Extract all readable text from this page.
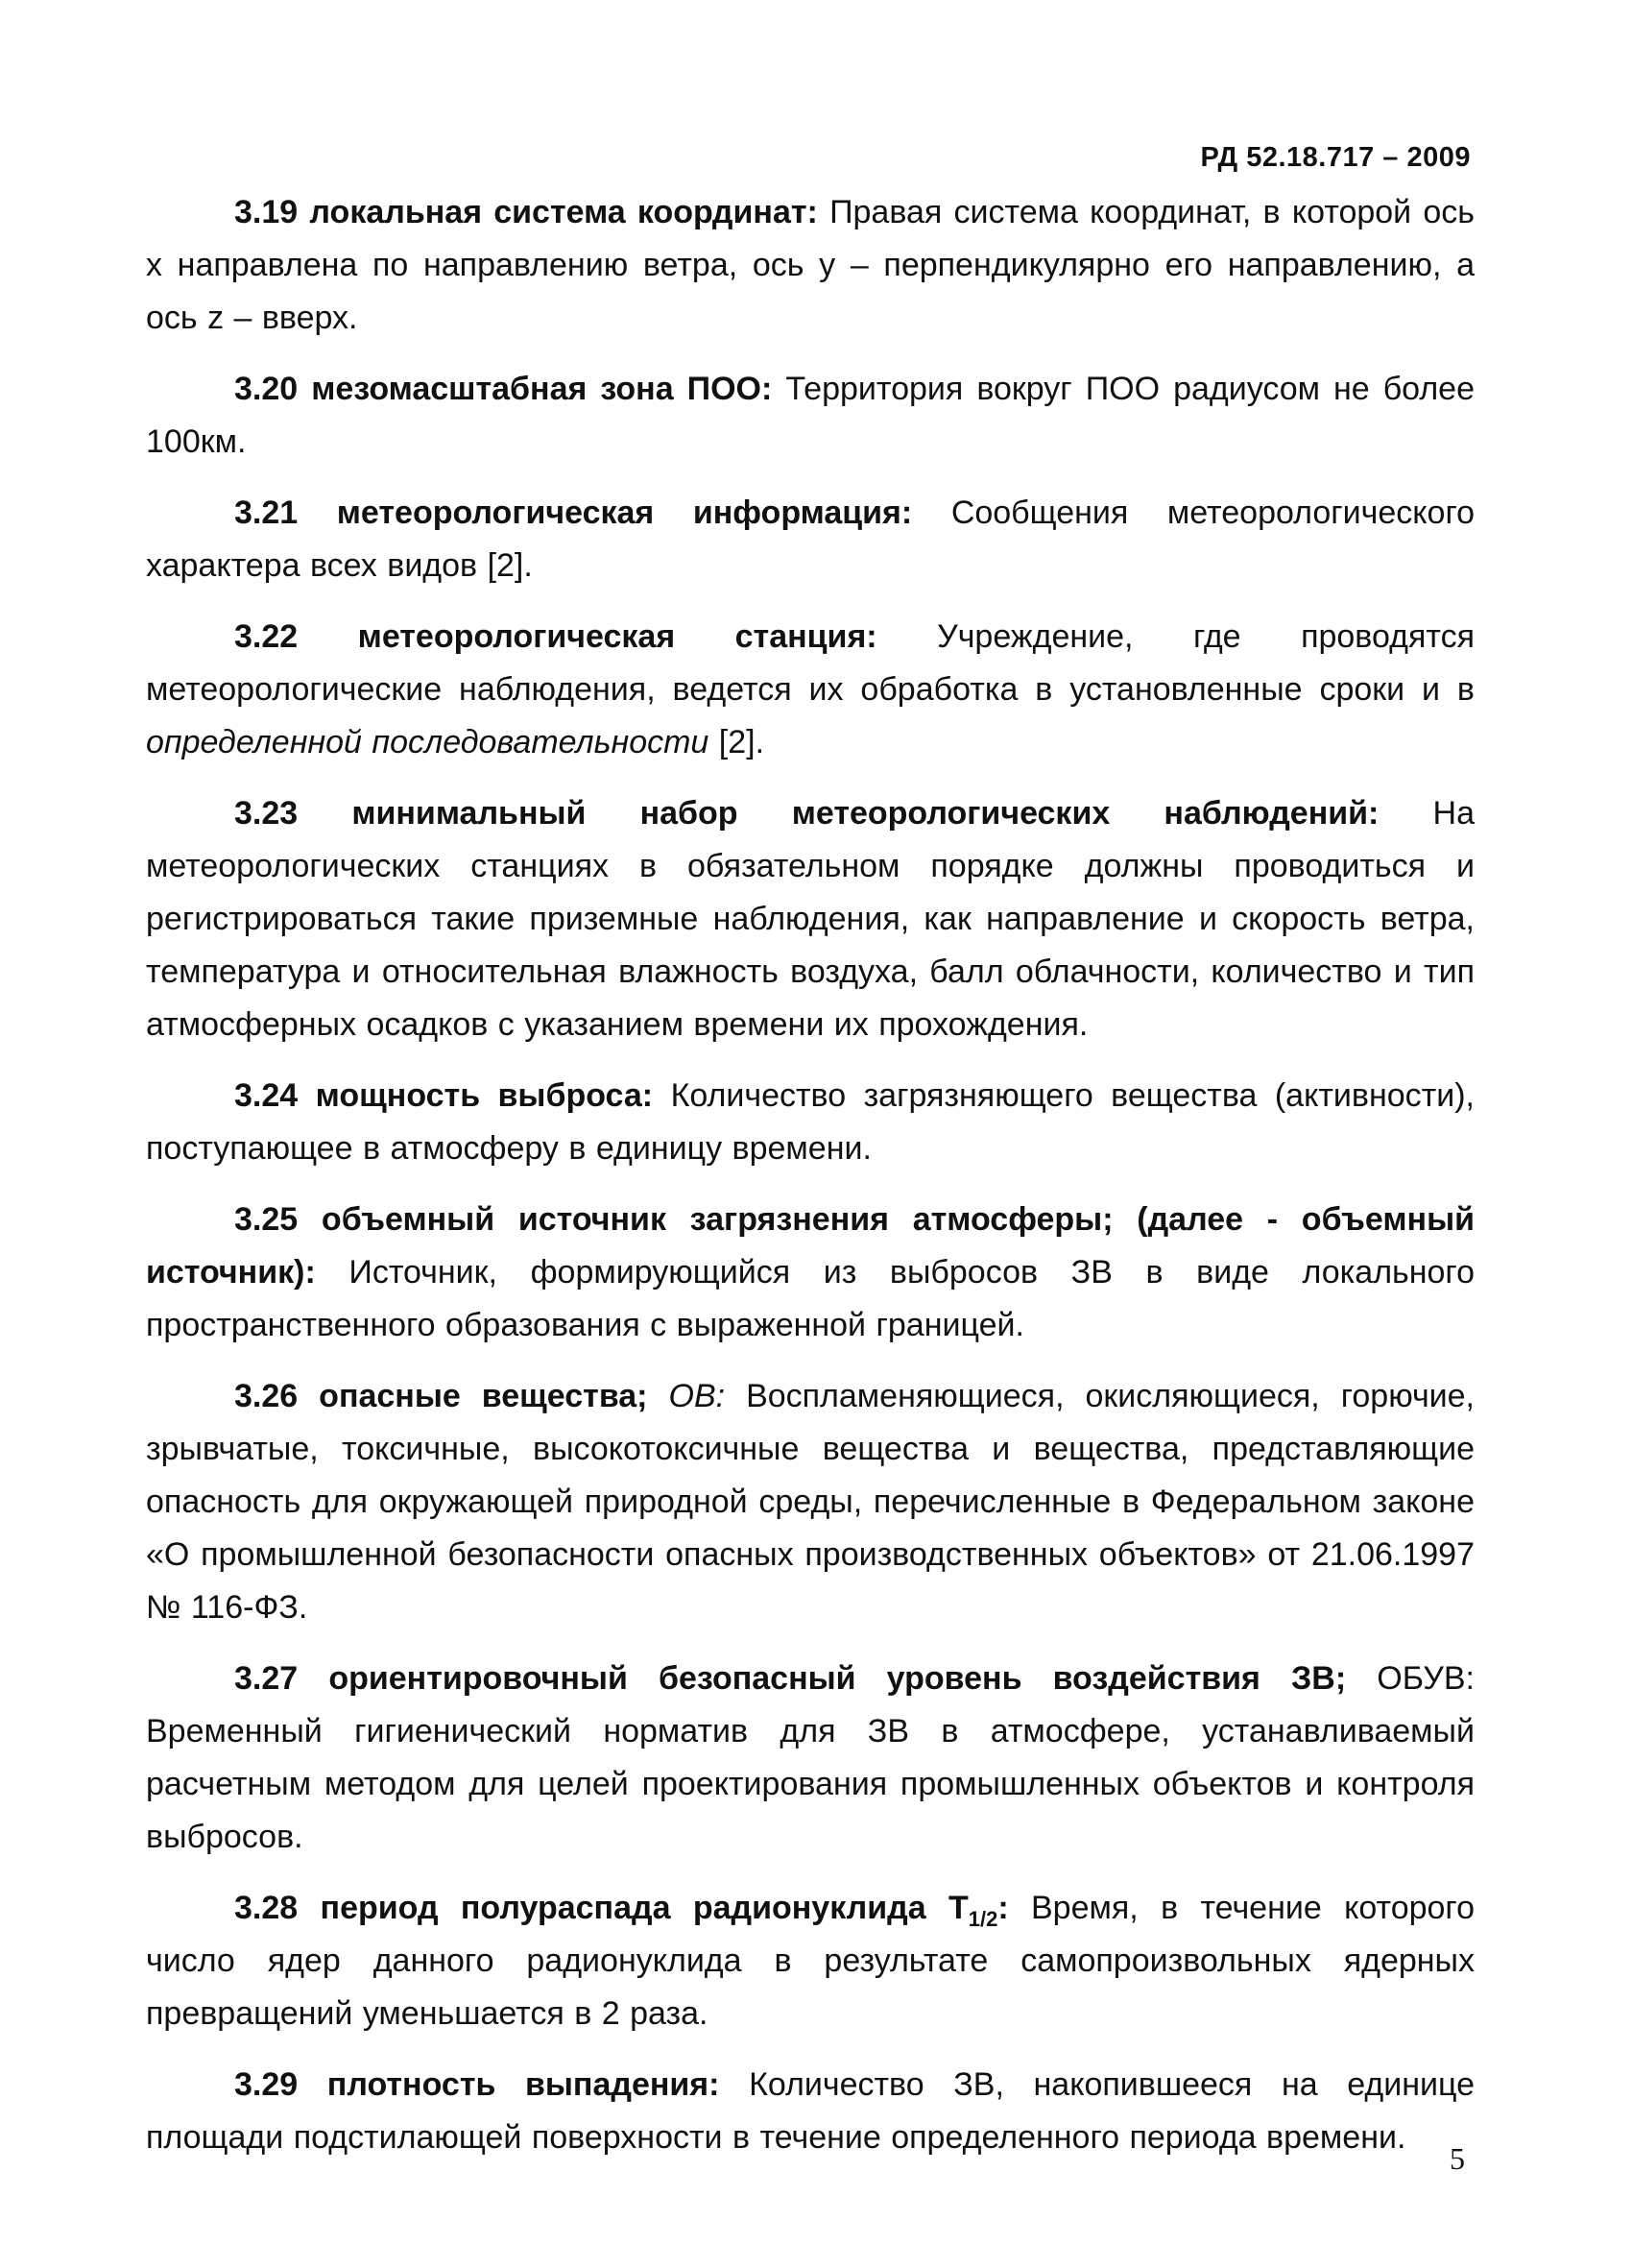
РД 52.18.717 – 2009

3.19 локальная система координат: Правая система координат, в которой ось x направлена по направлению ветра, ось y – перпендикулярно его направлению, а ось z – вверх.

3.20 мезомасштабная зона ПОО: Территория вокруг ПОО радиусом не более 100км.

3.21 метеорологическая информация: Сообщения метеорологического характера всех видов [2].

3.22 метеорологическая станция: Учреждение, где проводятся метеорологические наблюдения, ведется их обработка в установленные сроки и в определенной последовательности [2].

3.23 минимальный набор метеорологических наблюдений: На метеорологических станциях в обязательном порядке должны проводиться и регистрироваться такие приземные наблюдения, как направление и скорость ветра, температура и относительная влажность воздуха, балл облачности, количество и тип атмосферных осадков с указанием времени их прохождения.

3.24 мощность выброса: Количество загрязняющего вещества (активности), поступающее в атмосферу в единицу времени.

3.25 объемный источник загрязнения атмосферы; (далее - объемный источник): Источник, формирующийся из выбросов ЗВ в виде локального пространственного образования с выраженной границей.

3.26 опасные вещества; ОВ: Воспламеняющиеся, окисляющиеся, горючие, зрывчатые, токсичные, высокотоксичные вещества и вещества, представляющие опасность для окружающей природной среды, перечисленные в Федеральном законе «О промышленной безопасности опасных производственных объектов» от 21.06.1997 № 116-ФЗ.

3.27 ориентировочный безопасный уровень воздействия ЗВ; ОБУВ: Временный гигиенический норматив для ЗВ в атмосфере, устанавливаемый расчетным методом для целей проектирования промышленных объектов и контроля выбросов.

3.28 период полураспада радионуклида $T_{1/2}$: Время, в течение которого число ядер данного радионуклида в результате самопроизвольных ядерных превращений уменьшается в 2 раза.

3.29 плотность выпадения: Количество ЗВ, накопившееся на единице площади подстилающей поверхности в течение определенного периода времени.

5
